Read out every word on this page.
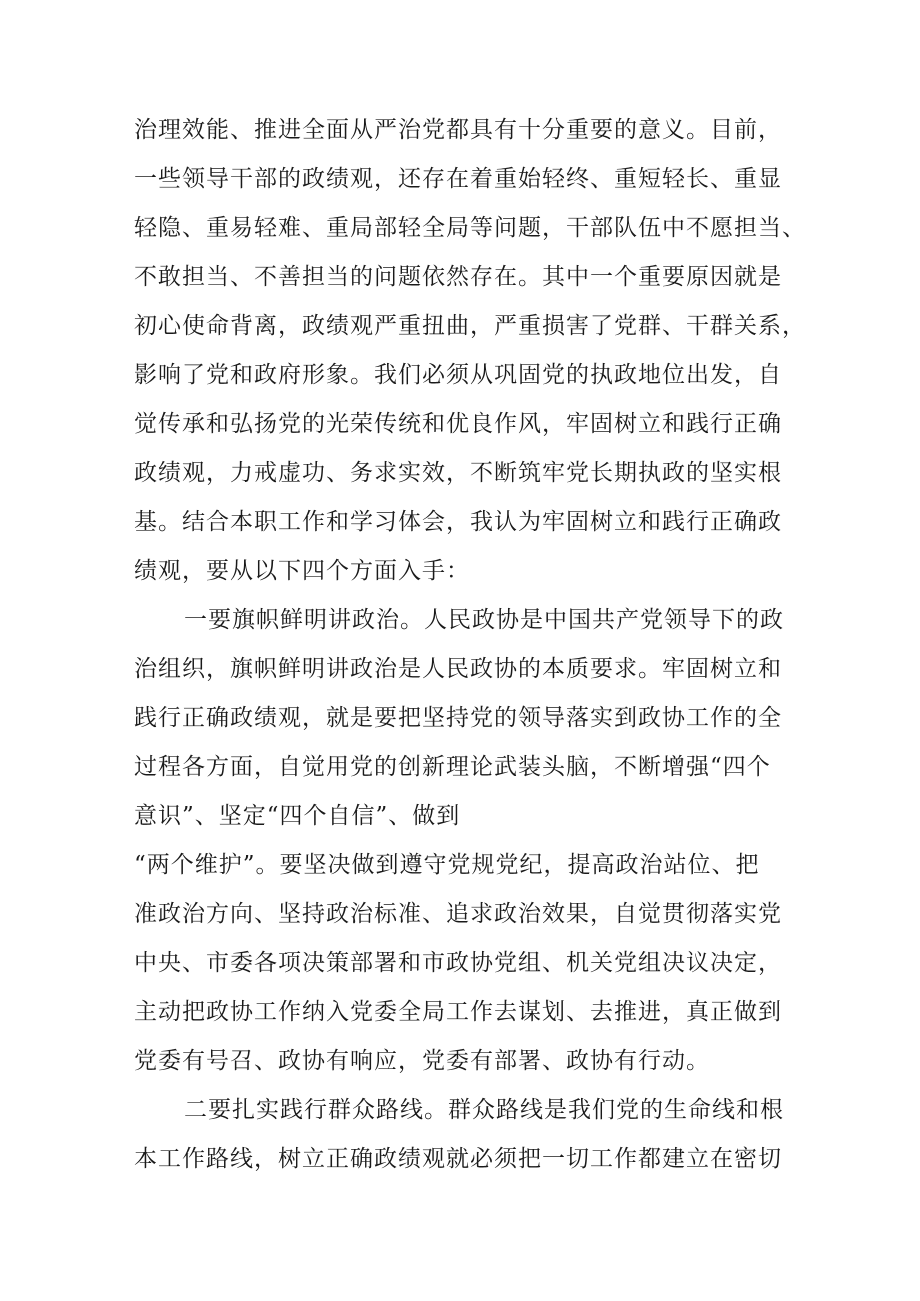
治理效能、推进全面从严治党都具有十分重要的意义。目前，
一些领导干部的政绩观，还存在着重始轻终、重短轻长、重显
轻隐、重易轻难、重局部轻全局等问题，干部队伍中不愿担当、
不敢担当、不善担当的问题依然存在。其中一个重要原因就是
初心使命背离，政绩观严重扭曲，严重损害了党群、干群关系，
影响了党和政府形象。我们必须从巩固党的执政地位出发，自
觉传承和弘扬党的光荣传统和优良作风，牢固树立和践行正确
政绩观，力戒虚功、务求实效，不断筑牢党长期执政的坚实根
基。结合本职工作和学习体会，我认为牢固树立和践行正确政
绩观，要从以下四个方面入手：
一要旗帜鲜明讲政治。人民政协是中国共产党领导下的政
治组织，旗帜鲜明讲政治是人民政协的本质要求。牢固树立和
践行正确政绩观，就是要把坚持党的领导落实到政协工作的全
过程各方面，自觉用党的创新理论武装头脑，不断增强“四个
意识”、坚定“四个自信”、做到
“两个维护”。要坚决做到遵守党规党纪，提高政治站位、把
准政治方向、坚持政治标准、追求政治效果，自觉贯彻落实党
中央、市委各项决策部署和市政协党组、机关党组决议决定，
主动把政协工作纳入党委全局工作去谋划、去推进，真正做到
党委有号召、政协有响应，党委有部署、政协有行动。
二要扎实践行群众路线。群众路线是我们党的生命线和根
本工作路线，树立正确政绩观就必须把一切工作都建立在密切
